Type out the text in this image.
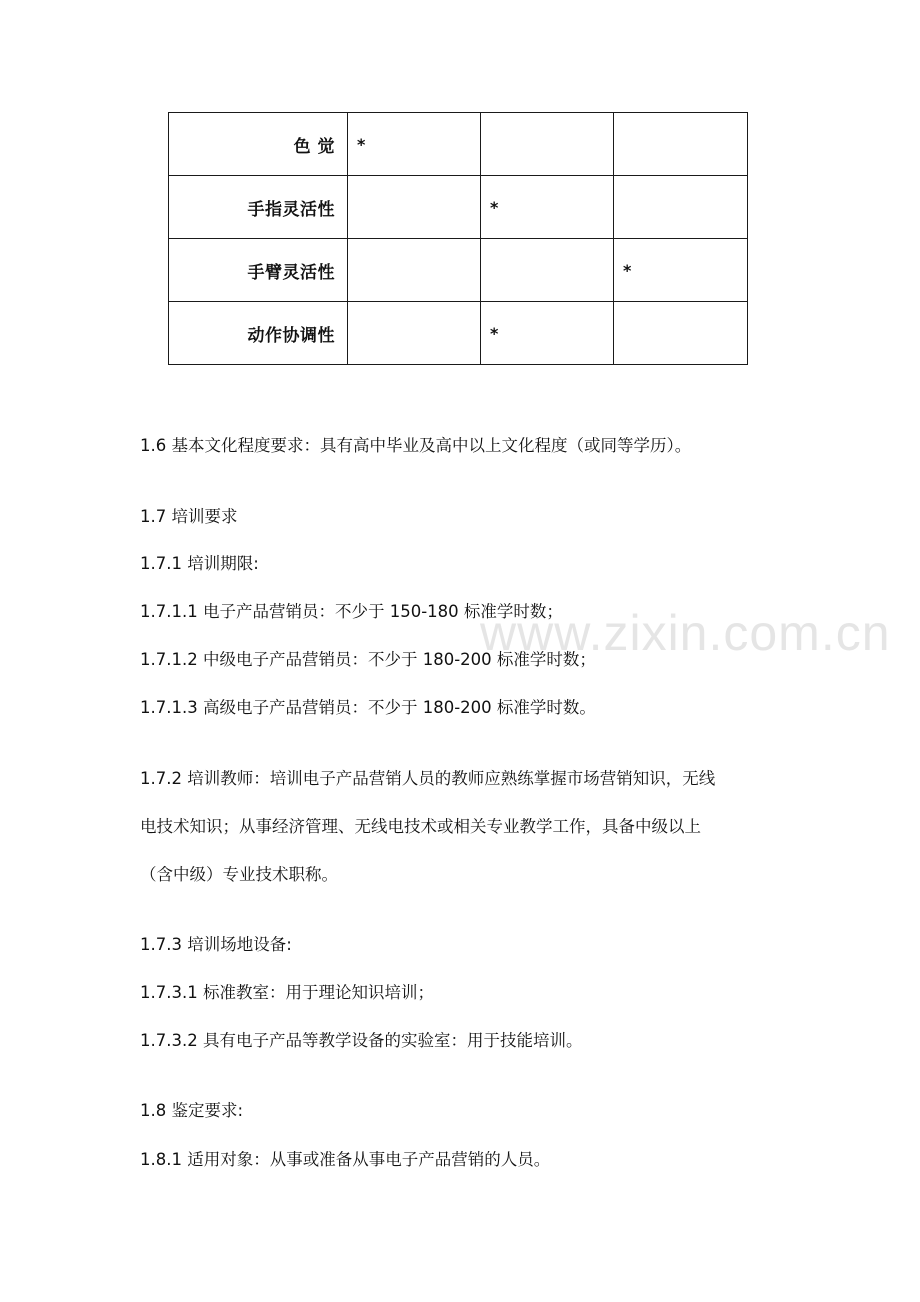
色 觉	*		
手指灵活性		*	
手臂灵活性			*
动作协调性		*	
1.6 基本文化程度要求：具有高中毕业及高中以上文化程度（或同等学历）。
1.7 培训要求
1.7.1 培训期限:
1.7.1.1 电子产品营销员：不少于 150-180 标准学时数；
1.7.1.2 中级电子产品营销员：不少于 180-200 标准学时数；
1.7.1.3 高级电子产品营销员：不少于 180-200 标准学时数。
1.7.2 培训教师：培训电子产品营销人员的教师应熟练掌握市场营销知识，无线
电技术知识；从事经济管理、无线电技术或相关专业教学工作，具备中级以上
（含中级）专业技术职称。
1.7.3 培训场地设备:
1.7.3.1 标准教室：用于理论知识培训；
1.7.3.2 具有电子产品等教学设备的实验室：用于技能培训。
1.8 鉴定要求:
1.8.1 适用对象：从事或准备从事电子产品营销的人员。
www.zixin.com.cn
